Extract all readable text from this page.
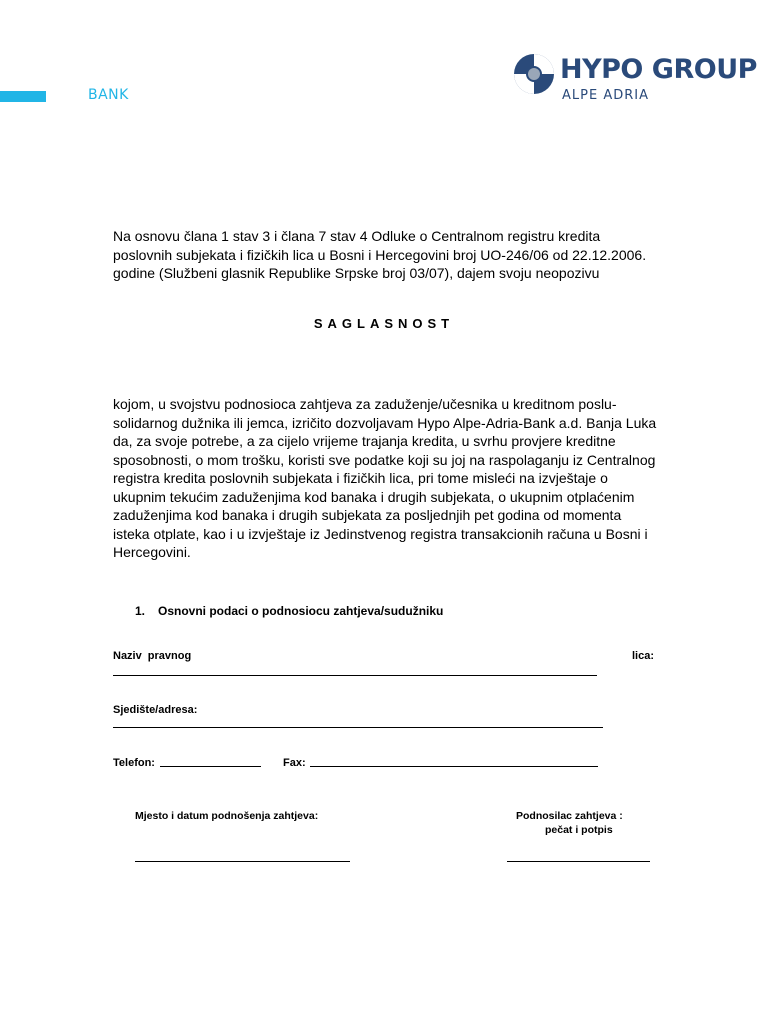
BANK
HYPO GROUP
ALPE ADRIA
Na osnovu člana 1 stav 3 i člana 7 stav 4 Odluke o Centralnom registru kredita poslovnih subjekata i fizičkih lica u Bosni i Hercegovini broj UO-246/06 od 22.12.2006. godine (Službeni glasnik Republike Srpske broj 03/07), dajem svoju neopozivu
SAGLASNOST
kojom, u svojstvu podnosioca zahtjeva za zaduženje/učesnika u kreditnom poslu-solidarnog dužnika ili jemca, izričito dozvoljavam Hypo Alpe-Adria-Bank a.d. Banja Luka da, za svoje potrebe, a za cijelo vrijeme trajanja kredita, u svrhu provjere kreditne sposobnosti, o mom trošku, koristi sve podatke koji su joj na raspolaganju iz Centralnog registra kredita poslovnih subjekata i fizičkih lica, pri tome misleći na izvještaje o ukupnim tekućim zaduženjima kod banaka i drugih subjekata, o ukupnim otplaćenim zaduženjima kod banaka i drugih subjekata za posljednjih pet godina od momenta isteka otplate, kao i u izvještaje iz Jedinstvenog registra transakcionih računa u Bosni i Hercegovini.
1. Osnovni podaci o podnosiocu zahtjeva/sudužniku
Naziv pravnog	lica:
Sjedište/adresa:
Telefon:	Fax:
Mjesto i datum podnošenja zahtjeva:	Podnosilac zahtjeva :
pečat i potpis
